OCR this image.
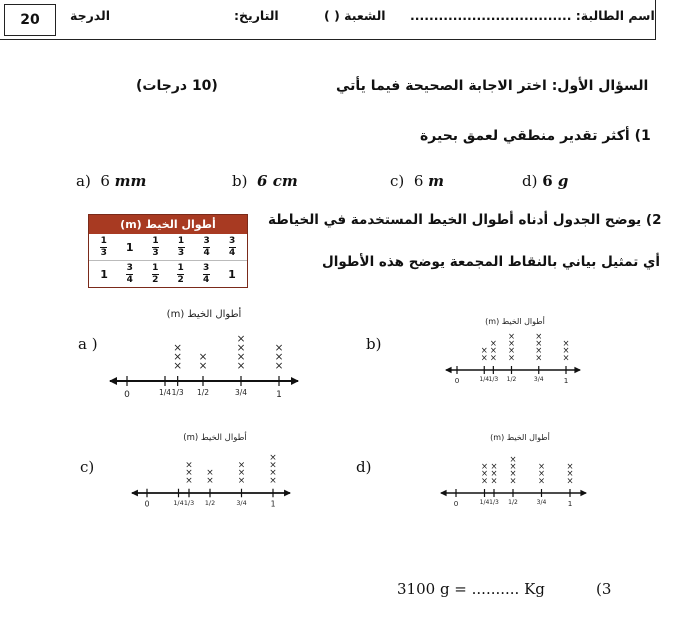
20	الدرجة	التاريخ:	الشعبة ( ) اسم الطالبة: ..................................
السؤال الأول: اختر الاجابة الصحيحة فيما يأتي
(10 درجات)
1) أكثر تقدير منطقي لعمق بحيرة
a) 6 mm	b) 6 cm	c) 6 m	d) 6 g
2) يوضح الجدول أدناه أطوال الخيط المستخدمة في الخياطة
أي تمثيل بياني بالنقاط المجمعة يوضح هذه الأطوال
أطوال الخيط (m)
$\frac{1}{3} 1 \frac{1}{3} \frac{1}{3} \frac{3}{4} \frac{3}{4}$
$1 \frac{3}{4} \frac{1}{2} \frac{1}{2} \frac{3}{4} 1$
أطوال الخيط (m)
0	1/4 1/3 1/2	3/4	1
×
×
×
×
×
×
×
×
×
×
×
×
أطوال الخيط (m)
0	1/4 1/3 1/2	3/4	1
×
×
×
×
×
×
×
×
×
×
×
×
×
×
×
×
أطوال الخيط (m)
0	1/4 1/3 1/2	3/4	1
×
×
×
×
×
×
×
×
×
×
×
×
أطوال الخيط (m)
0	1/4 1/3 1/2	3/4	1
×
×
×
×
×
×
×
×
×
×
×
×
×
×
×
×
a )	b)
c)	d)
3100 g = .......... Kg	(3
